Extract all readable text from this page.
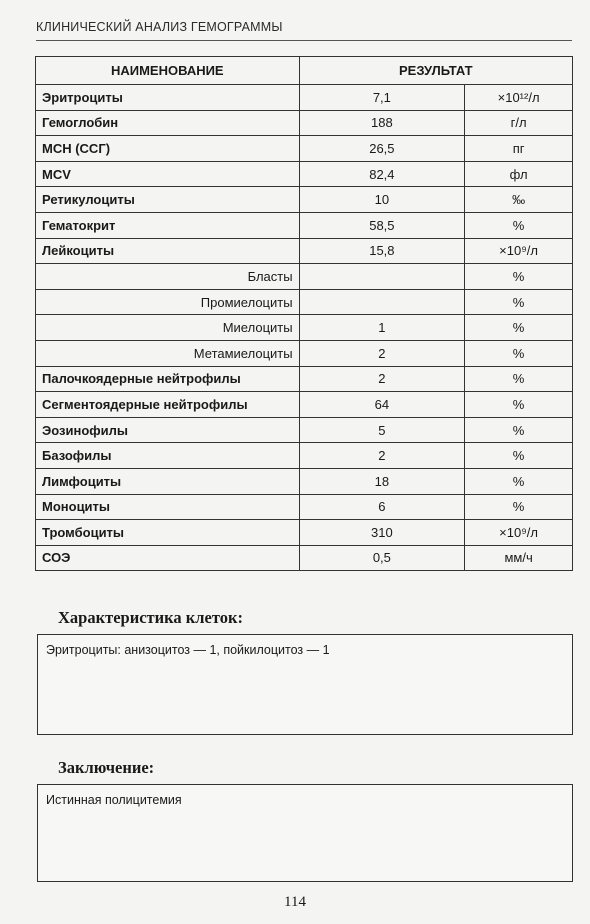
КЛИНИЧЕСКИЙ АНАЛИЗ ГЕМОГРАММЫ
НАИМЕНОВАНИЕ	РЕЗУЛЬТАТ	
Эритроциты	7,1	×10¹²/л
Гемоглобин	188	г/л
МСН (ССГ)	26,5	пг
MCV	82,4	фл
Ретикулоциты	10	‰
Гематокрит	58,5	%
Лейкоциты	15,8	×10⁹/л
Бласты		%
Промиелоциты		%
Миелоциты	1	%
Метамиелоциты	2	%
Палочкоядерные нейтрофилы	2	%
Сегментоядерные нейтрофилы	64	%
Эозинофилы	5	%
Базофилы	2	%
Лимфоциты	18	%
Моноциты	6	%
Тромбоциты	310	×10⁹/л
СОЭ	0,5	мм/ч
Характеристика клеток:
Эритроциты: анизоцитоз — 1, пойкилоцитоз — 1
Заключение:
Истинная полицитемия
114
